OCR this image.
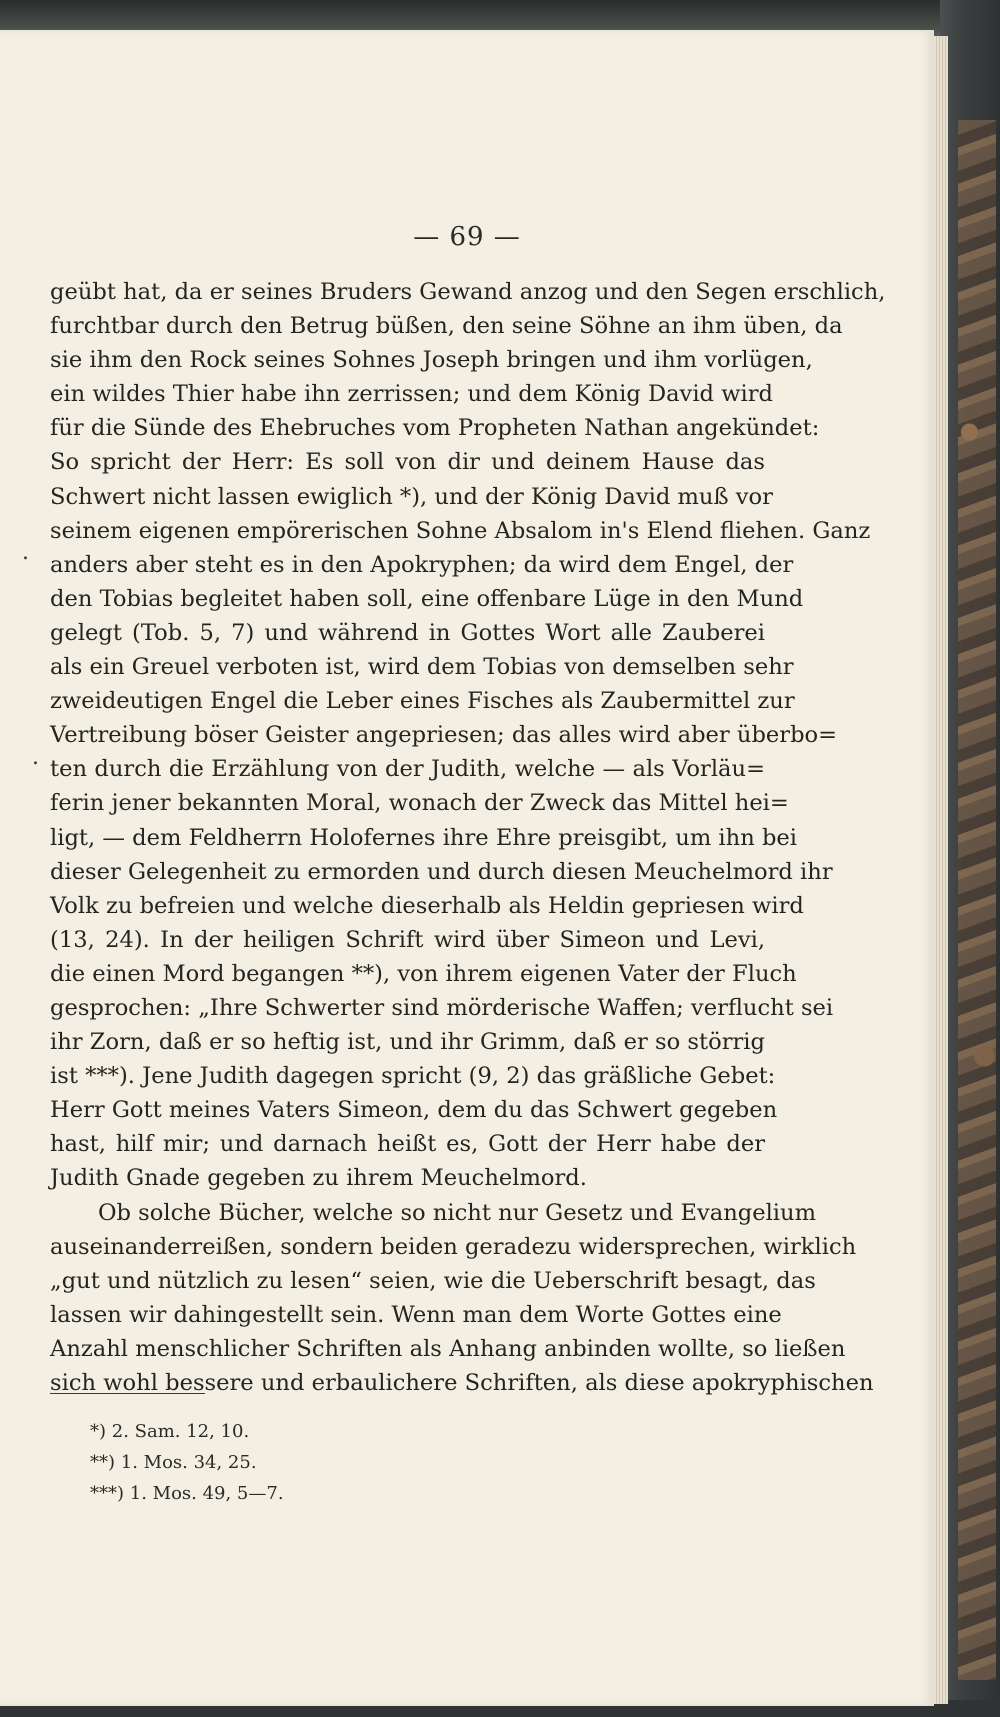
— 69 —
.
.
geübt hat, da er seines Bruders Gewand anzog und den Segen erschlich,
furchtbar durch den Betrug büßen, den seine Söhne an ihm üben, da
sie ihm den Rock seines Sohnes Joseph bringen und ihm vorlügen,
ein wildes Thier habe ihn zerrissen; und dem König David wird
für die Sünde des Ehebruches vom Propheten Nathan angekündet:
So spricht der Herr: Es soll von dir und deinem Hause das
Schwert nicht lassen ewiglich *), und der König David muß vor
seinem eigenen empörerischen Sohne Absalom in's Elend fliehen. Ganz
anders aber steht es in den Apokryphen; da wird dem Engel, der
den Tobias begleitet haben soll, eine offenbare Lüge in den Mund
gelegt (Tob. 5, 7) und während in Gottes Wort alle Zauberei
als ein Greuel verboten ist, wird dem Tobias von demselben sehr
zweideutigen Engel die Leber eines Fisches als Zaubermittel zur
Vertreibung böser Geister angepriesen; das alles wird aber überbo=
ten durch die Erzählung von der Judith, welche — als Vorläu=
ferin jener bekannten Moral, wonach der Zweck das Mittel hei=
ligt, — dem Feldherrn Holofernes ihre Ehre preisgibt, um ihn bei
dieser Gelegenheit zu ermorden und durch diesen Meuchelmord ihr
Volk zu befreien und welche dieserhalb als Heldin gepriesen wird
(13, 24). In der heiligen Schrift wird über Simeon und Levi,
die einen Mord begangen **), von ihrem eigenen Vater der Fluch
gesprochen: „Ihre Schwerter sind mörderische Waffen; verflucht sei
ihr Zorn, daß er so heftig ist, und ihr Grimm, daß er so störrig
ist ***). Jene Judith dagegen spricht (9, 2) das gräßliche Gebet:
Herr Gott meines Vaters Simeon, dem du das Schwert gegeben
hast, hilf mir; und darnach heißt es, Gott der Herr habe der
Judith Gnade gegeben zu ihrem Meuchelmord.
Ob solche Bücher, welche so nicht nur Gesetz und Evangelium
auseinanderreißen, sondern beiden geradezu widersprechen, wirklich
„gut und nützlich zu lesen“ seien, wie die Ueberschrift besagt, das
lassen wir dahingestellt sein. Wenn man dem Worte Gottes eine
Anzahl menschlicher Schriften als Anhang anbinden wollte, so ließen
sich wohl bessere und erbaulichere Schriften, als diese apokryphischen
*) 2. Sam. 12, 10.
**) 1. Mos. 34, 25.
***) 1. Mos. 49, 5—7.
